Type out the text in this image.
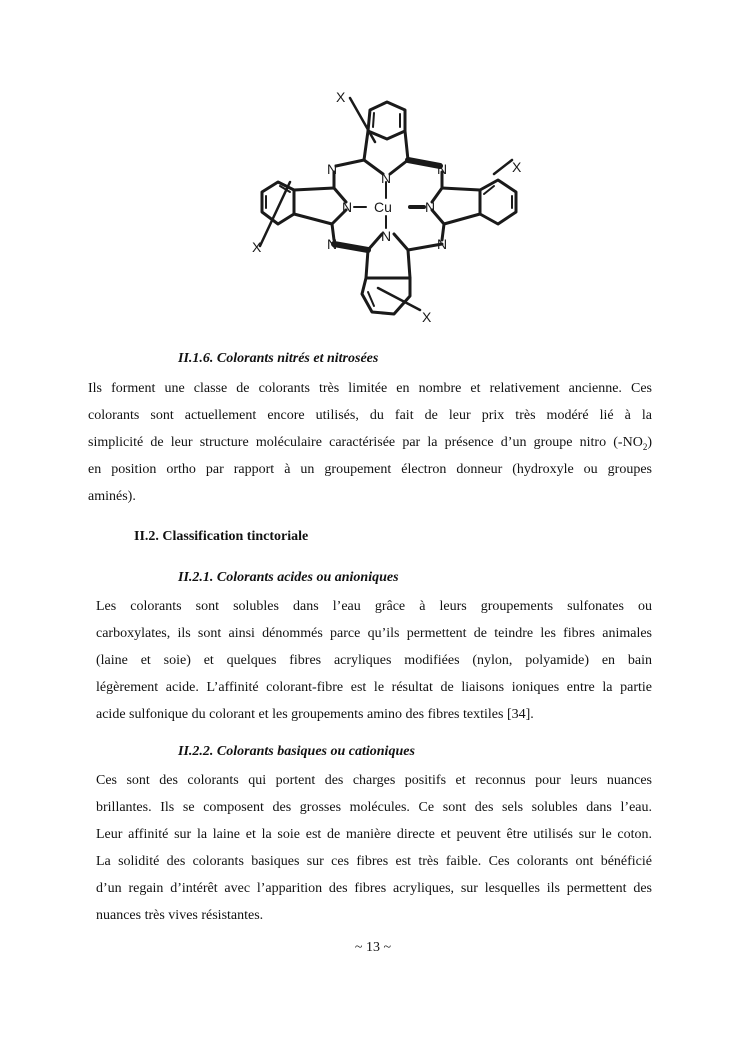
X
X
X
X
N	N
N	N
N
N
N	N
Cu
II.1.6. Colorants nitrés et nitrosées
Ils forment une classe de colorants très limitée en nombre et relativement ancienne. Ces
colorants sont actuellement encore utilisés, du fait de leur prix très modéré lié à la
simplicité de leur structure moléculaire caractérisée par la présence d’un groupe nitro $(-NO_2)$
en position ortho par rapport à un groupement électron donneur (hydroxyle ou groupes
aminés).
II.2. Classification tinctoriale
II.2.1. Colorants acides ou anioniques
Les colorants sont solubles dans l’eau grâce à leurs groupements sulfonates ou
carboxylates, ils sont ainsi dénommés parce qu’ils permettent de teindre les fibres animales
(laine et soie) et quelques fibres acryliques modifiées (nylon, polyamide) en bain
légèrement acide. L’affinité colorant-fibre est le résultat de liaisons ioniques entre la partie
acide sulfonique du colorant et les groupements amino des fibres textiles [34].
II.2.2. Colorants basiques ou cationiques
Ces sont des colorants qui portent des charges positifs et reconnus pour leurs nuances
brillantes. Ils se composent des grosses molécules. Ce sont des sels solubles dans l’eau.
Leur affinité sur la laine et la soie est de manière directe et peuvent être utilisés sur le coton.
La solidité des colorants basiques sur ces fibres est très faible. Ces colorants ont bénéficié
d’un regain d’intérêt avec l’apparition des fibres acryliques, sur lesquelles ils permettent des
nuances très vives résistantes.
~ 13 ~
